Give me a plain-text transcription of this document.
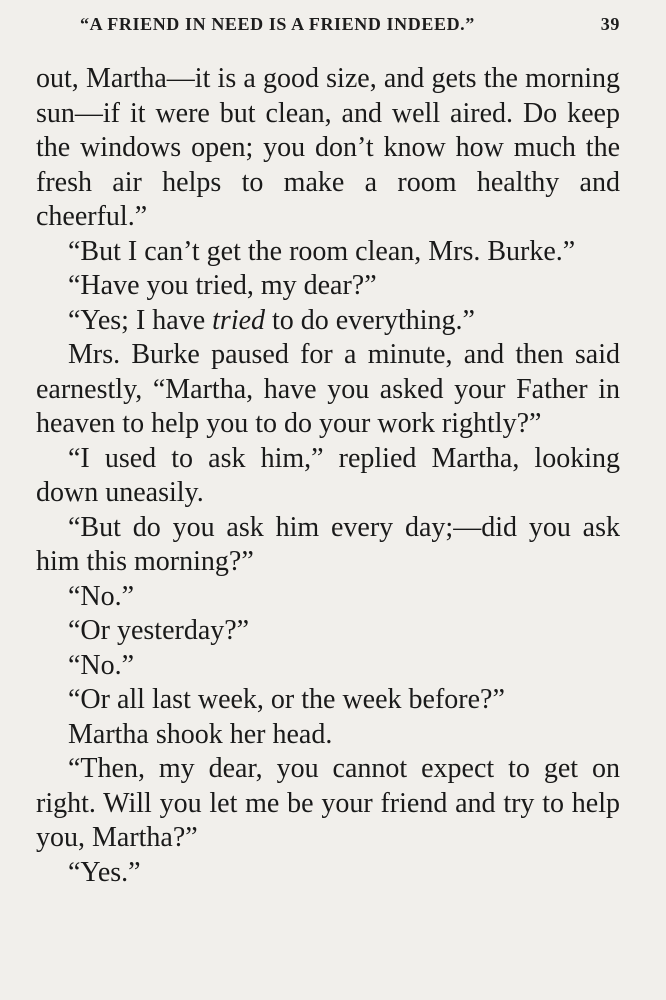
“A FRIEND IN NEED IS A FRIEND INDEED.”	39

out, Martha—it is a good size, and gets the morning sun—if it were but clean, and well aired. Do keep the windows open; you don’t know how much the fresh air helps to make a room healthy and cheerful.”

“But I can’t get the room clean, Mrs. Burke.”

“Have you tried, my dear?”

“Yes; I have tried to do everything.”

Mrs. Burke paused for a minute, and then said earnestly, “Martha, have you asked your Father in heaven to help you to do your work rightly?”

“I used to ask him,” replied Martha, looking down uneasily.

“But do you ask him every day;—did you ask him this morning?”

“No.”

“Or yesterday?”

“No.”

“Or all last week, or the week before?”

Martha shook her head.

“Then, my dear, you cannot expect to get on right. Will you let me be your friend and try to help you, Martha?”

“Yes.”
